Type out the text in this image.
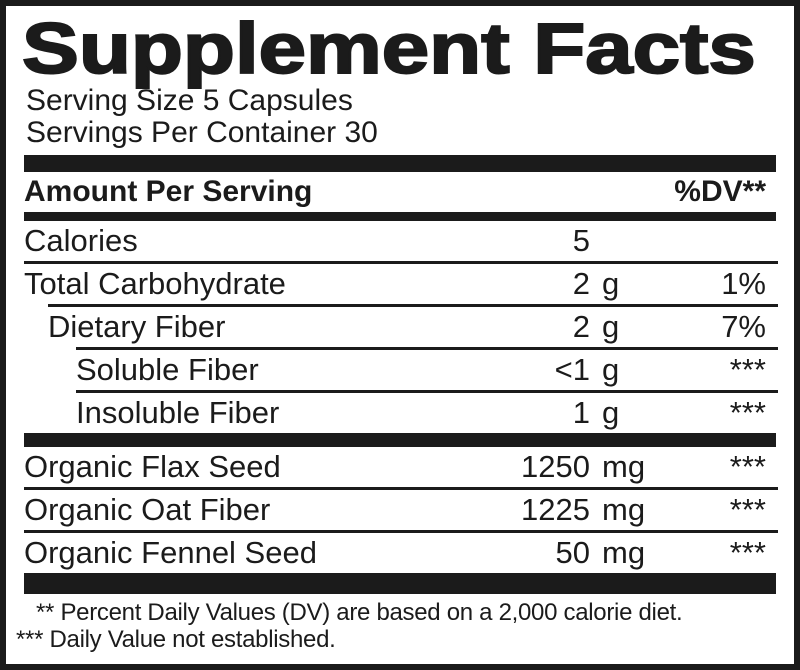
Supplement Facts
Serving Size 5 Capsules
Servings Per Container 30
Amount Per Serving	%DV**
Calories	5
Total Carbohydrate	2 g	1%
Dietary Fiber	2 g	7%
Soluble Fiber	<1 g	***
Insoluble Fiber	1 g	***
Organic Flax Seed	1250 mg	***
Organic Oat Fiber	1225 mg	***
Organic Fennel Seed	50 mg	***
** Percent Daily Values (DV) are based on a 2,000 calorie diet.
*** Daily Value not established.
